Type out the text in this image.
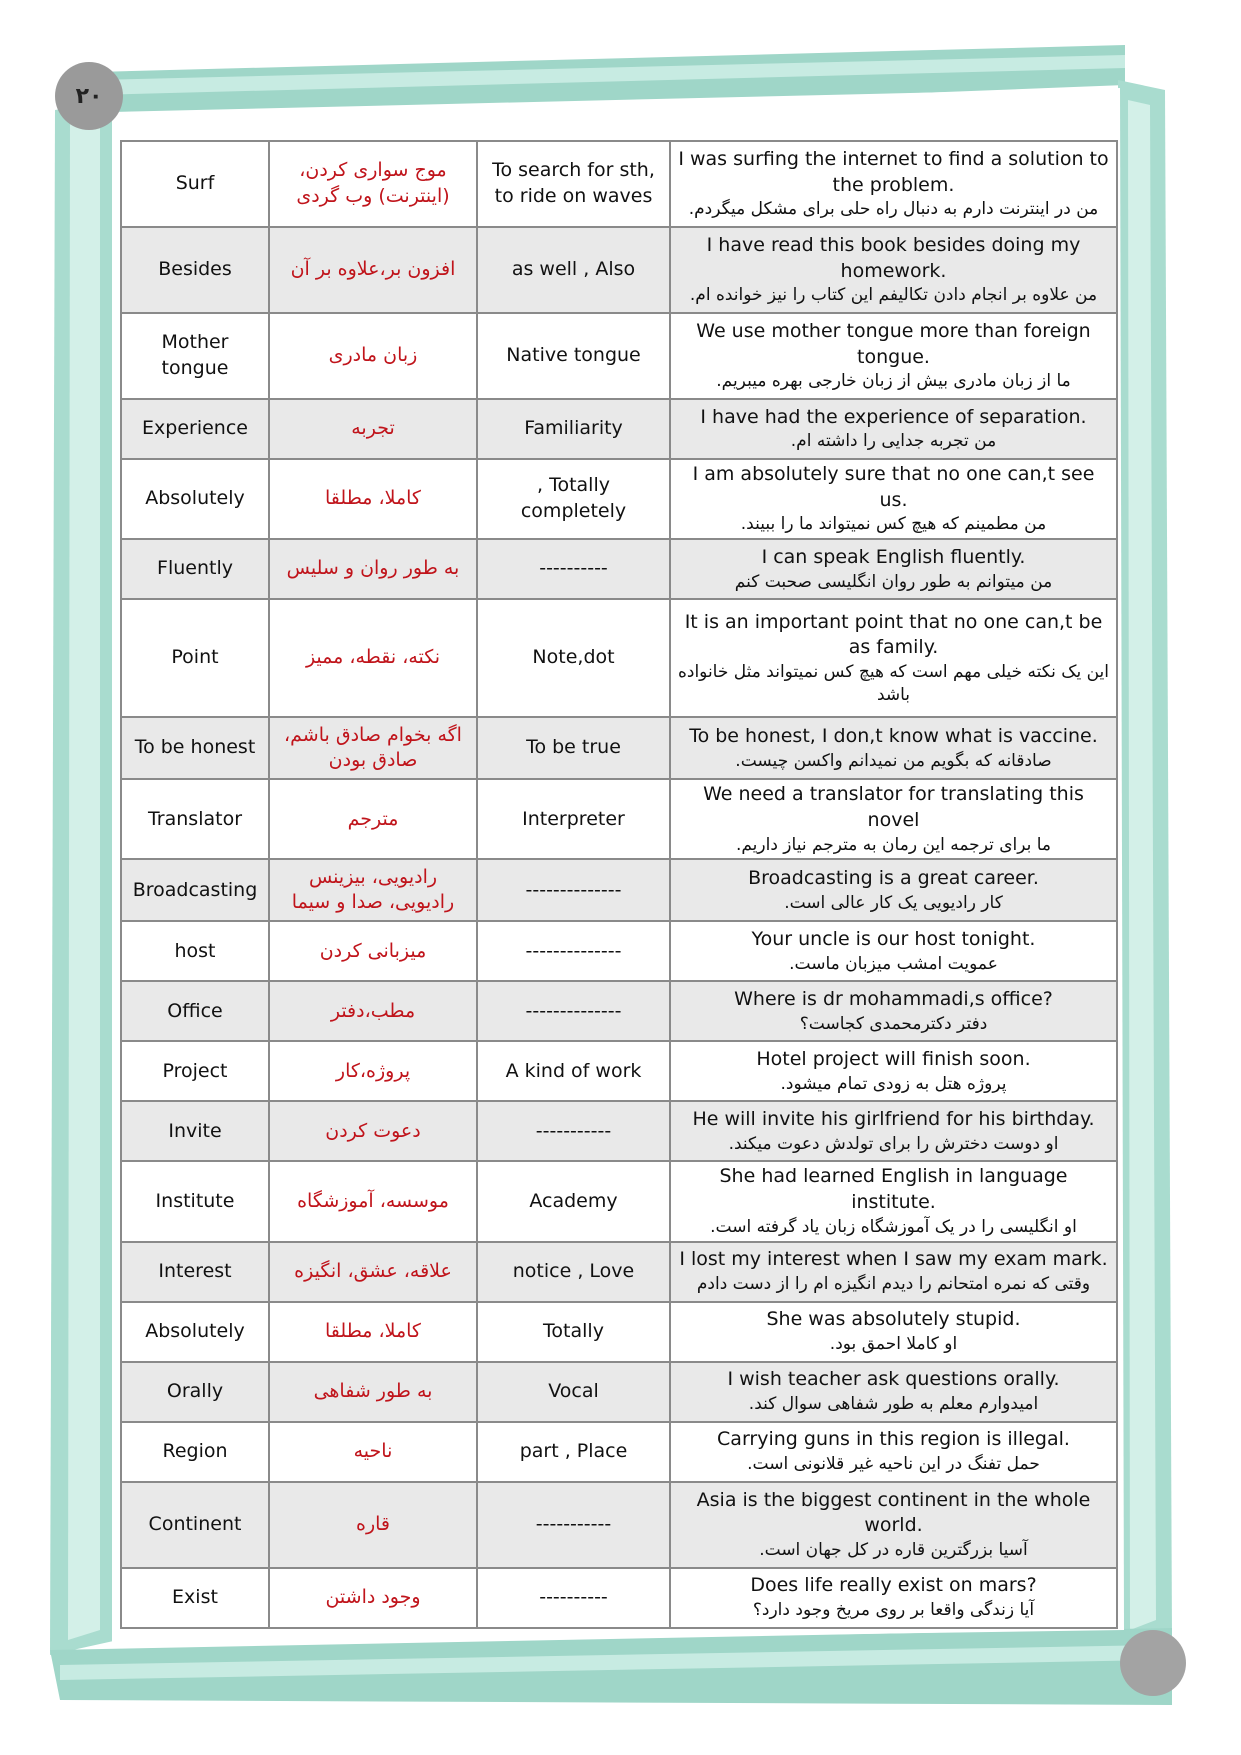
۲۰
Surf	موج سواری کردن، (اینترنت) وب گردی	To search for sth, to ride on waves	I was surfing the internet to find a solution to the problem.
من در اینترنت دارم به دنبال راه حلی برای مشکل میگردم.

Besides	افزون بر،علاوه بر آن	as well , Also	I have read this book besides doing my homework.
من علاوه بر انجام دادن تکالیفم این کتاب را نیز خوانده ام.

Mother tongue	زبان مادری	Native tongue	We use mother tongue more than foreign tongue.
ما از زبان مادری بیش از زبان خارجی بهره میبریم.

Experience	تجربه	Familiarity	I have had the experience of separation.
من تجربه جدایی را داشته ام.

Absolutely	کاملا، مطلقا	, Totally completely	I am absolutely sure that no one can,t see us.
من مطمینم که هیچ کس نمیتواند ما را ببیند.

Fluently	به طور روان و سلیس	----------	I can speak English fluently.
من میتوانم به طور روان انگلیسی صحبت کنم

Point	نکته، نقطه، ممیز	Note,dot	It is an important point that no one can,t be as family.
این یک نکته خیلی مهم است که هیچ کس نمیتواند مثل خانواده باشد

To be honest	اگه بخوام صادق باشم، صادق بودن	To be true	To be honest, I don,t know what is vaccine.
صادقانه که بگویم من نمیدانم واکسن چیست.

Translator	مترجم	Interpreter	We need a translator for translating this novel
ما برای ترجمه این رمان به مترجم نیاز داریم.

Broadcasting	رادیویی، بیزینس رادیویی، صدا و سیما	--------------	Broadcasting is a great career.
کار رادیویی یک کار عالی است.

host	میزبانی کردن	--------------	Your uncle is our host tonight.
عمویت امشب میزبان ماست.

Office	مطب،دفتر	--------------	Where is dr mohammadi,s office?
دفتر دکترمحمدی کجاست؟

Project	پروژه،کار	A kind of work	Hotel project will finish soon.
پروژه هتل به زودی تمام میشود.

Invite	دعوت کردن	-----------	He will invite his girlfriend for his birthday.
او دوست دخترش را برای تولدش دعوت میکند.

Institute	موسسه، آموزشگاه	Academy	She had learned English in language institute.
او انگلیسی را در یک آموزشگاه زبان یاد گرفته است.

Interest	علاقه، عشق، انگیزه	notice , Love	I lost my interest when I saw my exam mark.
وقتی که نمره امتحانم را دیدم انگیزه ام را از دست دادم

Absolutely	کاملا، مطلقا	Totally	She was absolutely stupid.
او کاملا احمق بود.

Orally	به طور شفاهی	Vocal	I wish teacher ask questions orally.
امیدوارم معلم به طور شفاهی سوال کند.

Region	ناحیه	part , Place	Carrying guns in this region is illegal.
حمل تفنگ در این ناحیه غیر قلانونی است.

Continent	قاره	-----------	Asia is the biggest continent in the whole world.
آسیا بزرگترین قاره در کل جهان است.

Exist	وجود داشتن	----------	Does life really exist on mars?
آیا زندگی واقعا بر روی مریخ وجود دارد؟
